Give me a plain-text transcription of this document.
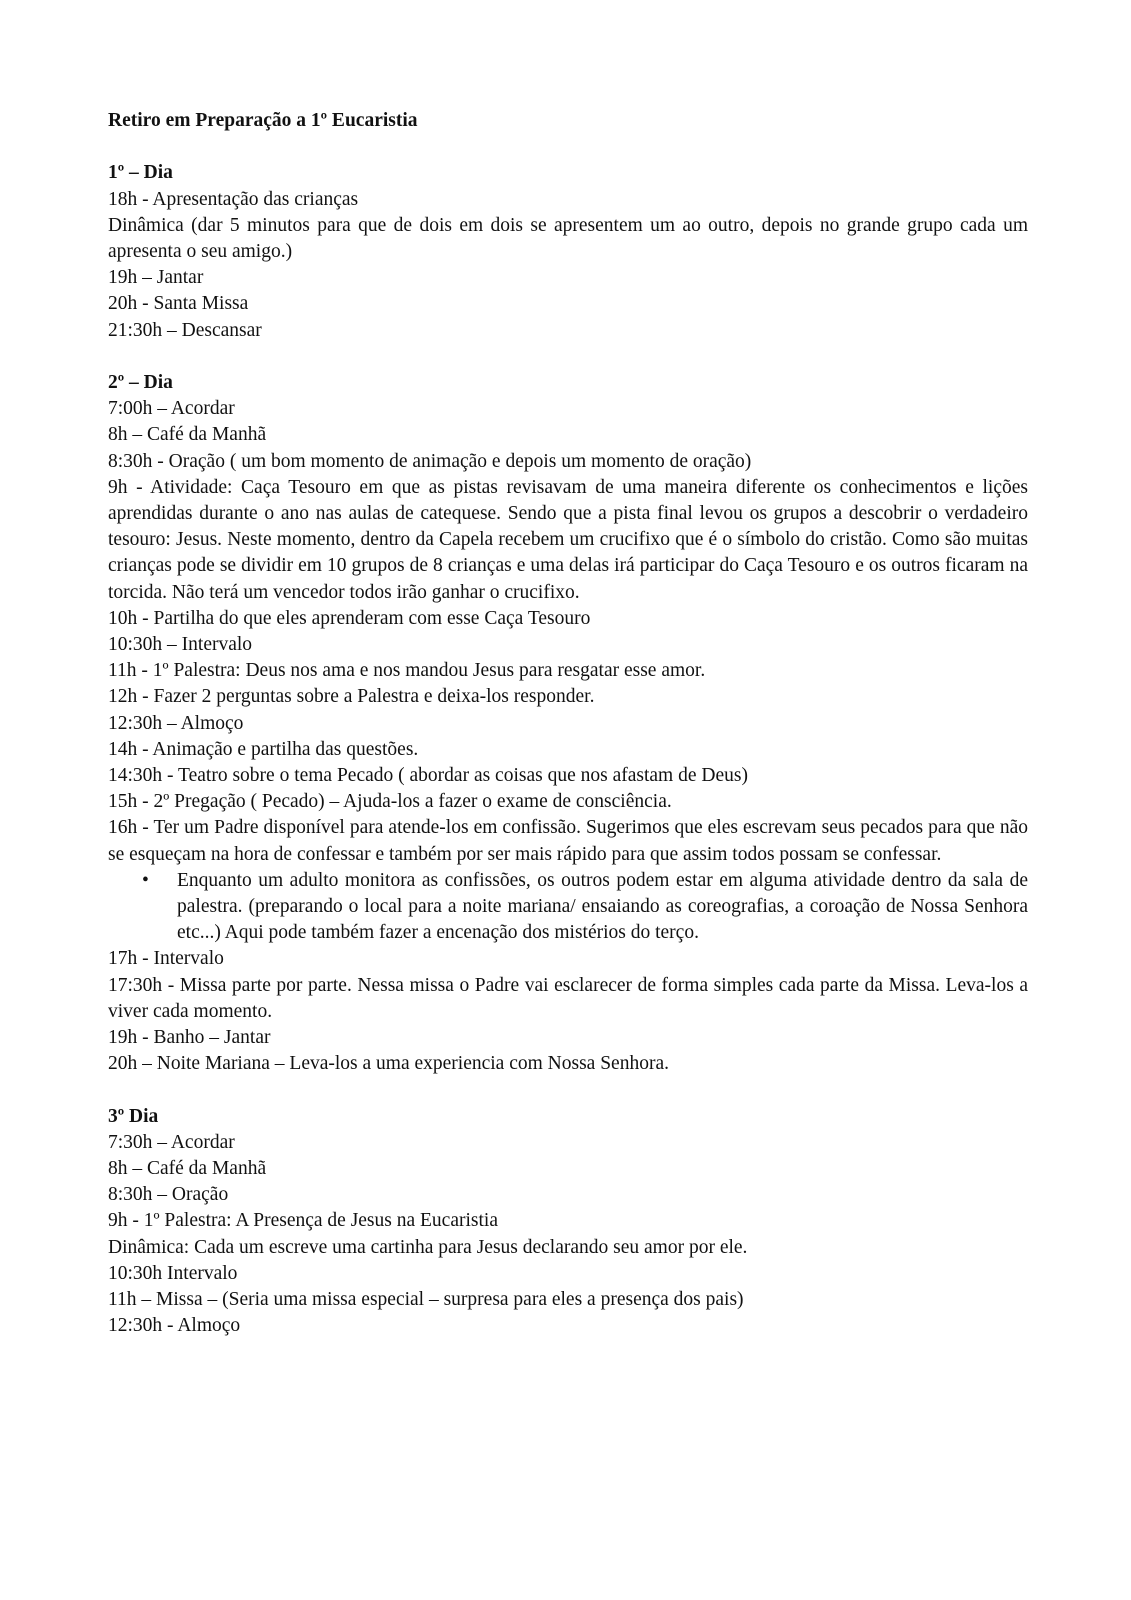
Retiro em Preparação a 1º Eucaristia
1º – Dia
18h - Apresentação das crianças
Dinâmica (dar 5 minutos para que de dois em dois se apresentem um ao outro, depois no grande grupo cada um apresenta o seu amigo.)
19h – Jantar
20h - Santa Missa
21:30h – Descansar
2º – Dia
7:00h – Acordar
8h – Café da Manhã
8:30h - Oração ( um bom momento de animação e depois um momento de oração)
9h - Atividade: Caça Tesouro em que as pistas revisavam de uma maneira diferente os conhecimentos e lições aprendidas durante o ano nas aulas de catequese. Sendo que a pista final levou os grupos a descobrir o verdadeiro tesouro: Jesus. Neste momento, dentro da Capela recebem um crucifixo que é o símbolo do cristão. Como são muitas crianças pode se dividir em 10 grupos de 8 crianças e uma delas irá participar do Caça Tesouro e os outros ficaram na torcida. Não terá um vencedor todos irão ganhar o crucifixo.
10h - Partilha do que eles aprenderam com esse Caça Tesouro
10:30h – Intervalo
11h - 1º Palestra: Deus nos ama e nos mandou Jesus para resgatar esse amor.
12h - Fazer 2 perguntas sobre a Palestra e deixa-los responder.
12:30h – Almoço
14h - Animação e partilha das questões.
14:30h - Teatro sobre o tema Pecado ( abordar as coisas que nos afastam de Deus)
15h - 2º Pregação ( Pecado) – Ajuda-los a fazer o exame de consciência.
16h - Ter um Padre disponível para atende-los em confissão. Sugerimos que eles escrevam seus pecados para que não se esqueçam na hora de confessar e também por ser mais rápido para que assim todos possam se confessar.
• Enquanto um adulto monitora as confissões, os outros podem estar em alguma atividade dentro da sala de palestra. (preparando o local para a noite mariana/ ensaiando as coreografias, a coroação de Nossa Senhora etc...) Aqui pode também fazer a encenação dos mistérios do terço.
17h - Intervalo
17:30h - Missa parte por parte. Nessa missa o Padre vai esclarecer de forma simples cada parte da Missa. Leva-los a viver cada momento.
19h - Banho – Jantar
20h – Noite Mariana – Leva-los a uma experiencia com Nossa Senhora.
3º Dia
7:30h – Acordar
8h – Café da Manhã
8:30h – Oração
9h - 1º Palestra: A Presença de Jesus na Eucaristia
Dinâmica: Cada um escreve uma cartinha para Jesus declarando seu amor por ele.
10:30h Intervalo
11h – Missa – (Seria uma missa especial – surpresa para eles a presença dos pais)
12:30h - Almoço
